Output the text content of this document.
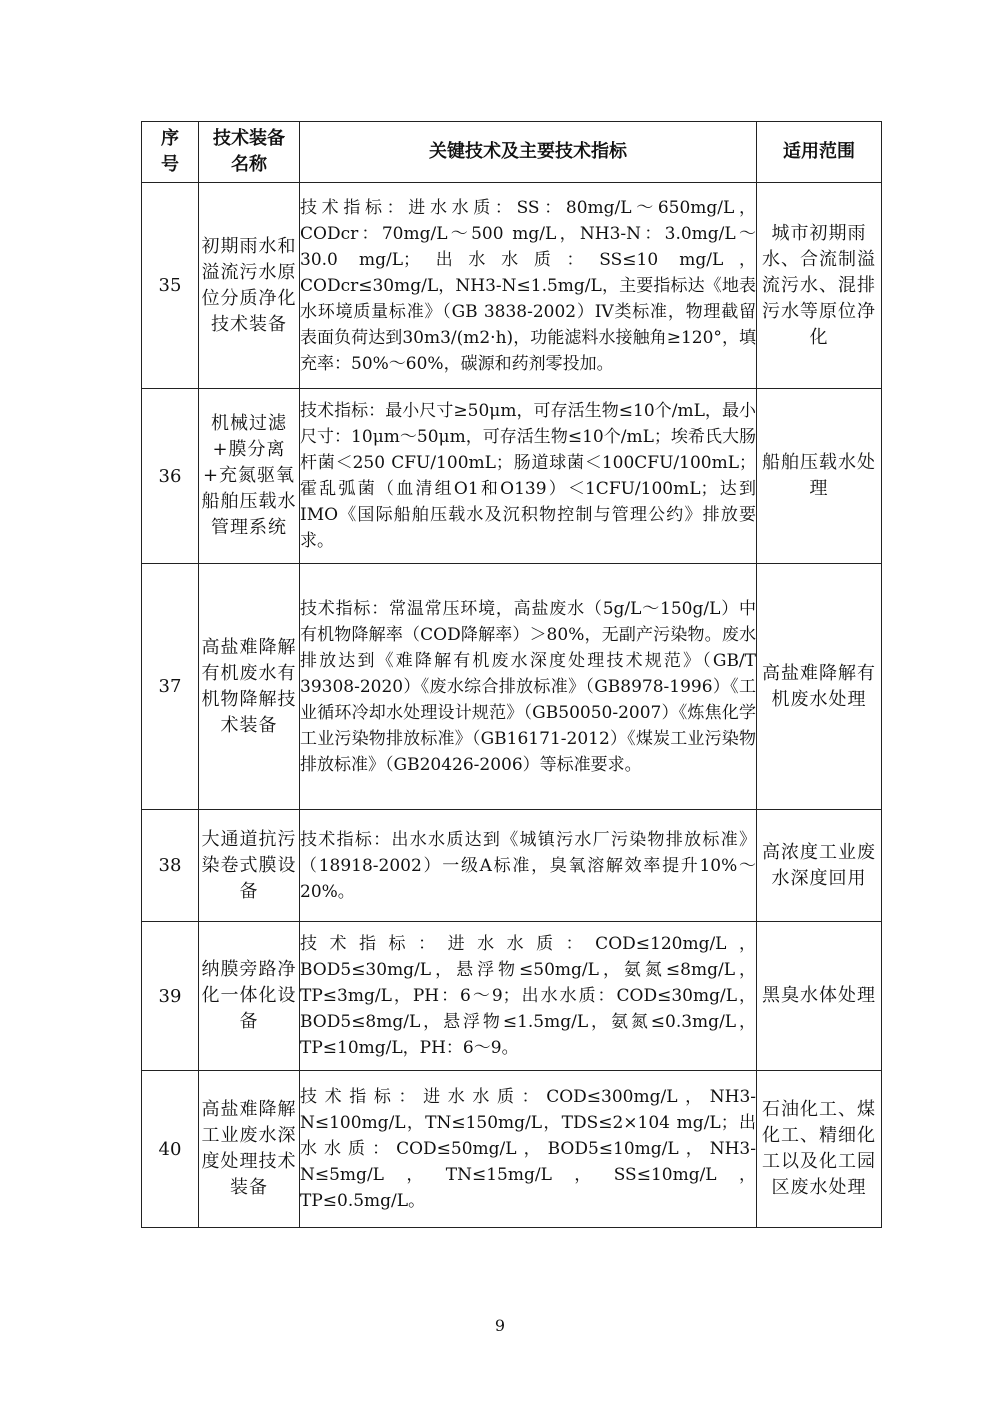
序号	技术装备名称	关键技术及主要技术指标	适用范围
35	初期雨水和溢流污水原位分质净化技术装备	技术指标：进水水质：SS：80mg/L～650mg/L，CODcr：70mg/L～500 mg/L，NH3-N：3.0mg/L～30.0 mg/L；出水水质：SS≤10 mg/L，CODcr≤30mg/L，NH3-N≤1.5mg/L，主要指标达《地表水环境质量标准》（GB 3838-2002）IV类标准，物理截留表面负荷达到30m3/(m2·h)，功能滤料水接触角≥120°，填充率：50%～60%，碳源和药剂零投加。	城市初期雨水、合流制溢流污水、混排污水等原位净化
36	机械过滤+膜分离+充氮驱氧船舶压载水管理系统	技术指标：最小尺寸≥50μm，可存活生物≤10个/mL，最小尺寸：10μm～50μm，可存活生物≤10个/mL；埃希氏大肠杆菌＜250 CFU/100mL；肠道球菌＜100CFU/100mL；霍乱弧菌（血清组O1和O139）＜1CFU/100mL；达到IMO《国际船舶压载水及沉积物控制与管理公约》排放要求。	船舶压载水处理
37	高盐难降解有机废水有机物降解技术装备	技术指标：常温常压环境，高盐废水（5g/L～150g/L）中有机物降解率（COD降解率）＞80%，无副产污染物。废水排放达到《难降解有机废水深度处理技术规范》（GB/T 39308-2020）《废水综合排放标准》（GB8978-1996）《工业循环冷却水处理设计规范》（GB50050-2007）《炼焦化学工业污染物排放标准》（GB16171-2012）《煤炭工业污染物排放标准》（GB20426-2006）等标准要求。	高盐难降解有机废水处理
38	大通道抗污染卷式膜设备	技术指标：出水水质达到《城镇污水厂污染物排放标准》（18918-2002）一级A标准，臭氧溶解效率提升10%～20%。	高浓度工业废水深度回用
39	纳膜旁路净化一体化设备	技术指标：进水水质：COD≤120mg/L，BOD5≤30mg/L，悬浮物≤50mg/L，氨氮≤8mg/L，TP≤3mg/L，PH：6～9；出水水质：COD≤30mg/L，BOD5≤8mg/L，悬浮物≤1.5mg/L，氨氮≤0.3mg/L，TP≤10mg/L，PH：6～9。	黑臭水体处理
40	高盐难降解工业废水深度处理技术装备	技术指标：进水水质：COD≤300mg/L，NH3-N≤100mg/L，TN≤150mg/L，TDS≤2×104 mg/L；出水水质：COD≤50mg/L，BOD5≤10mg/L，NH3-N≤5mg/L，TN≤15mg/L，SS≤10mg/L，TP≤0.5mg/L。	石油化工、煤化工、精细化工以及化工园区废水处理
9
